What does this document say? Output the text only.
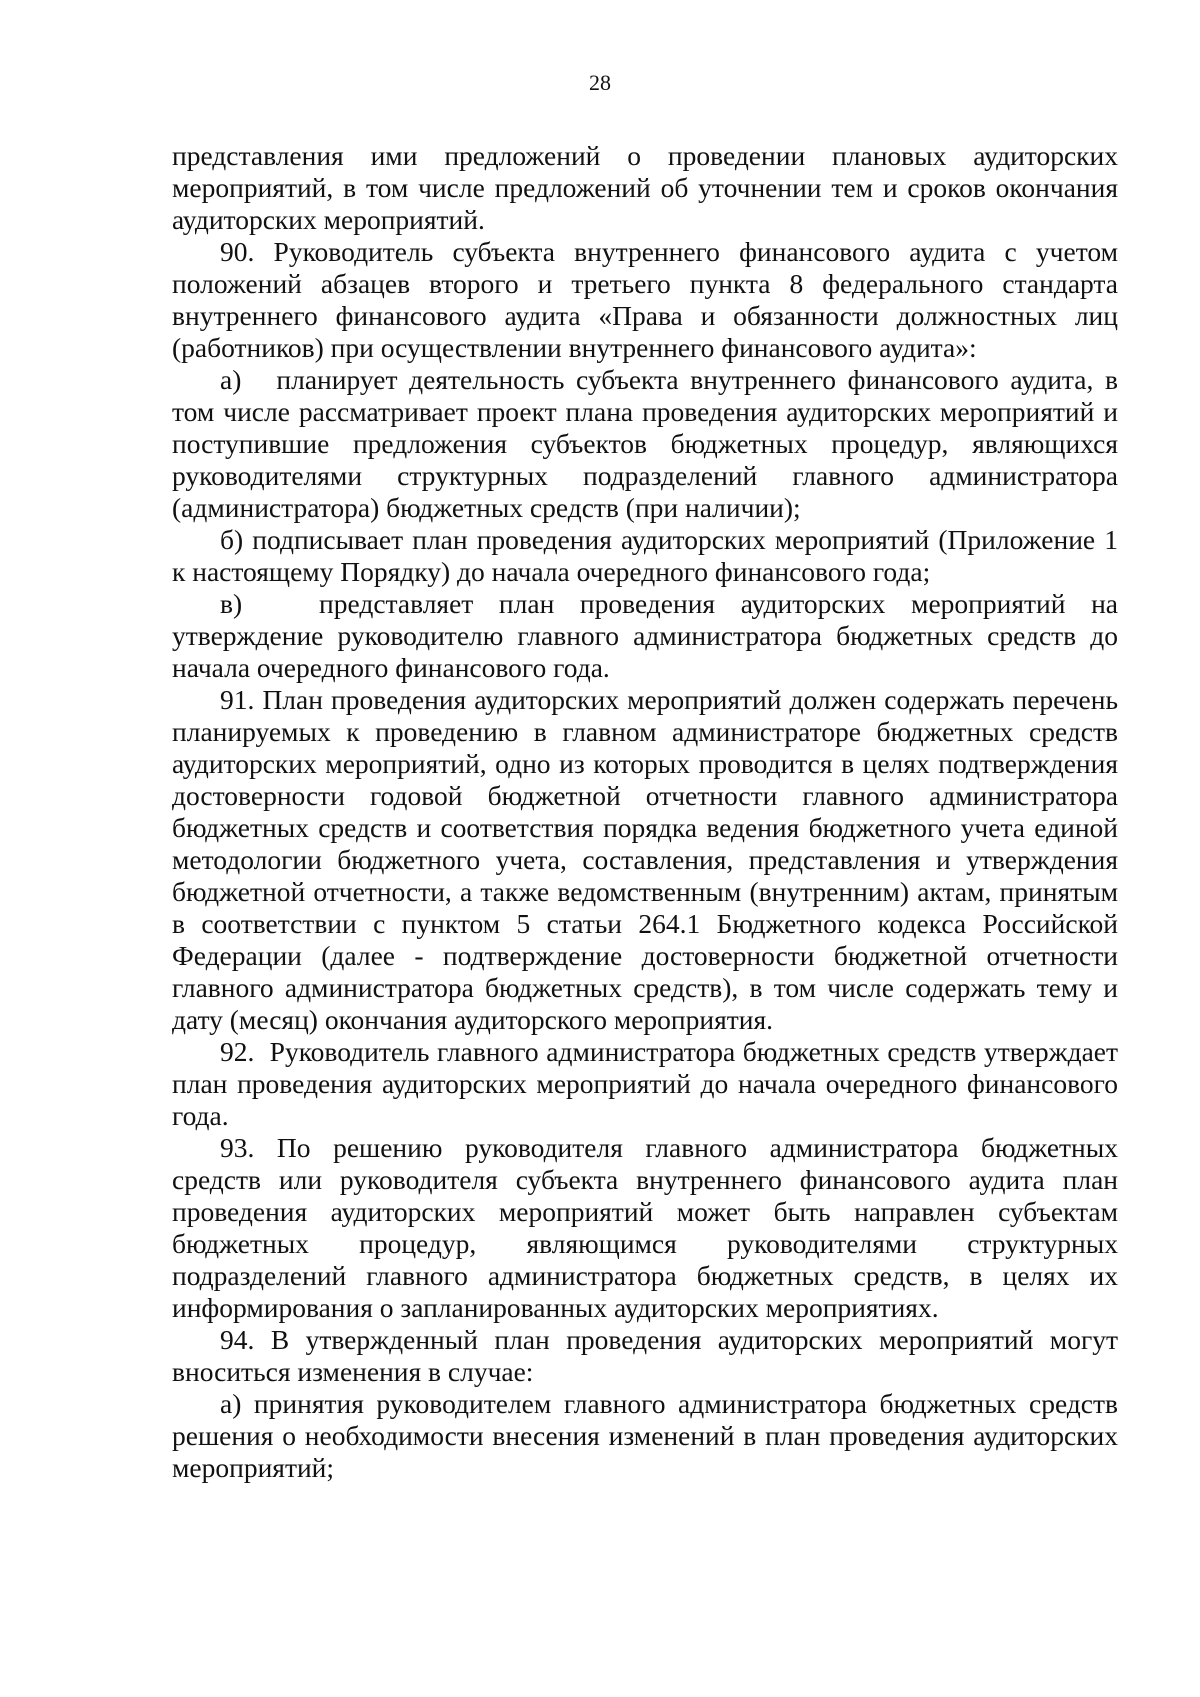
28

представления ими предложений о проведении плановых аудиторских мероприятий, в том числе предложений об уточнении тем и сроков окончания аудиторских мероприятий.

90. Руководитель субъекта внутреннего финансового аудита с учетом положений абзацев второго и третьего пункта 8 федерального стандарта внутреннего финансового аудита «Права и обязанности должностных лиц (работников) при осуществлении внутреннего финансового аудита»:

а)   планирует деятельность субъекта внутреннего финансового аудита, в том числе рассматривает проект плана проведения аудиторских мероприятий и поступившие предложения субъектов бюджетных процедур, являющихся руководителями структурных подразделений главного администратора (администратора) бюджетных средств (при наличии);

б) подписывает план проведения аудиторских мероприятий (Приложение 1 к настоящему Порядку) до начала очередного финансового года;

в)   представляет план проведения аудиторских мероприятий на утверждение руководителю главного администратора бюджетных средств до начала очередного финансового года.

91. План проведения аудиторских мероприятий должен содержать перечень планируемых к проведению в главном администраторе бюджетных средств аудиторских мероприятий, одно из которых проводится в целях подтверждения достоверности годовой бюджетной отчетности главного администратора бюджетных средств и соответствия порядка ведения бюджетного учета единой методологии бюджетного учета, составления, представления и утверждения бюджетной отчетности, а также ведомственным (внутренним) актам, принятым в соответствии с пунктом 5 статьи 264.1 Бюджетного кодекса Российской Федерации (далее - подтверждение достоверности бюджетной отчетности главного администратора бюджетных средств), в том числе содержать тему и дату (месяц) окончания аудиторского мероприятия.

92.  Руководитель главного администратора бюджетных средств утверждает план проведения аудиторских мероприятий до начала очередного финансового года.

93. По решению руководителя главного администратора бюджетных средств или руководителя субъекта внутреннего финансового аудита план проведения аудиторских мероприятий может быть направлен субъектам бюджетных процедур, являющимся руководителями структурных подразделений главного администратора бюджетных средств, в целях их информирования о запланированных аудиторских мероприятиях.

94. В утвержденный план проведения аудиторских мероприятий могут вноситься изменения в случае:

а) принятия руководителем главного администратора бюджетных средств решения о необходимости внесения изменений в план проведения аудиторских мероприятий;
